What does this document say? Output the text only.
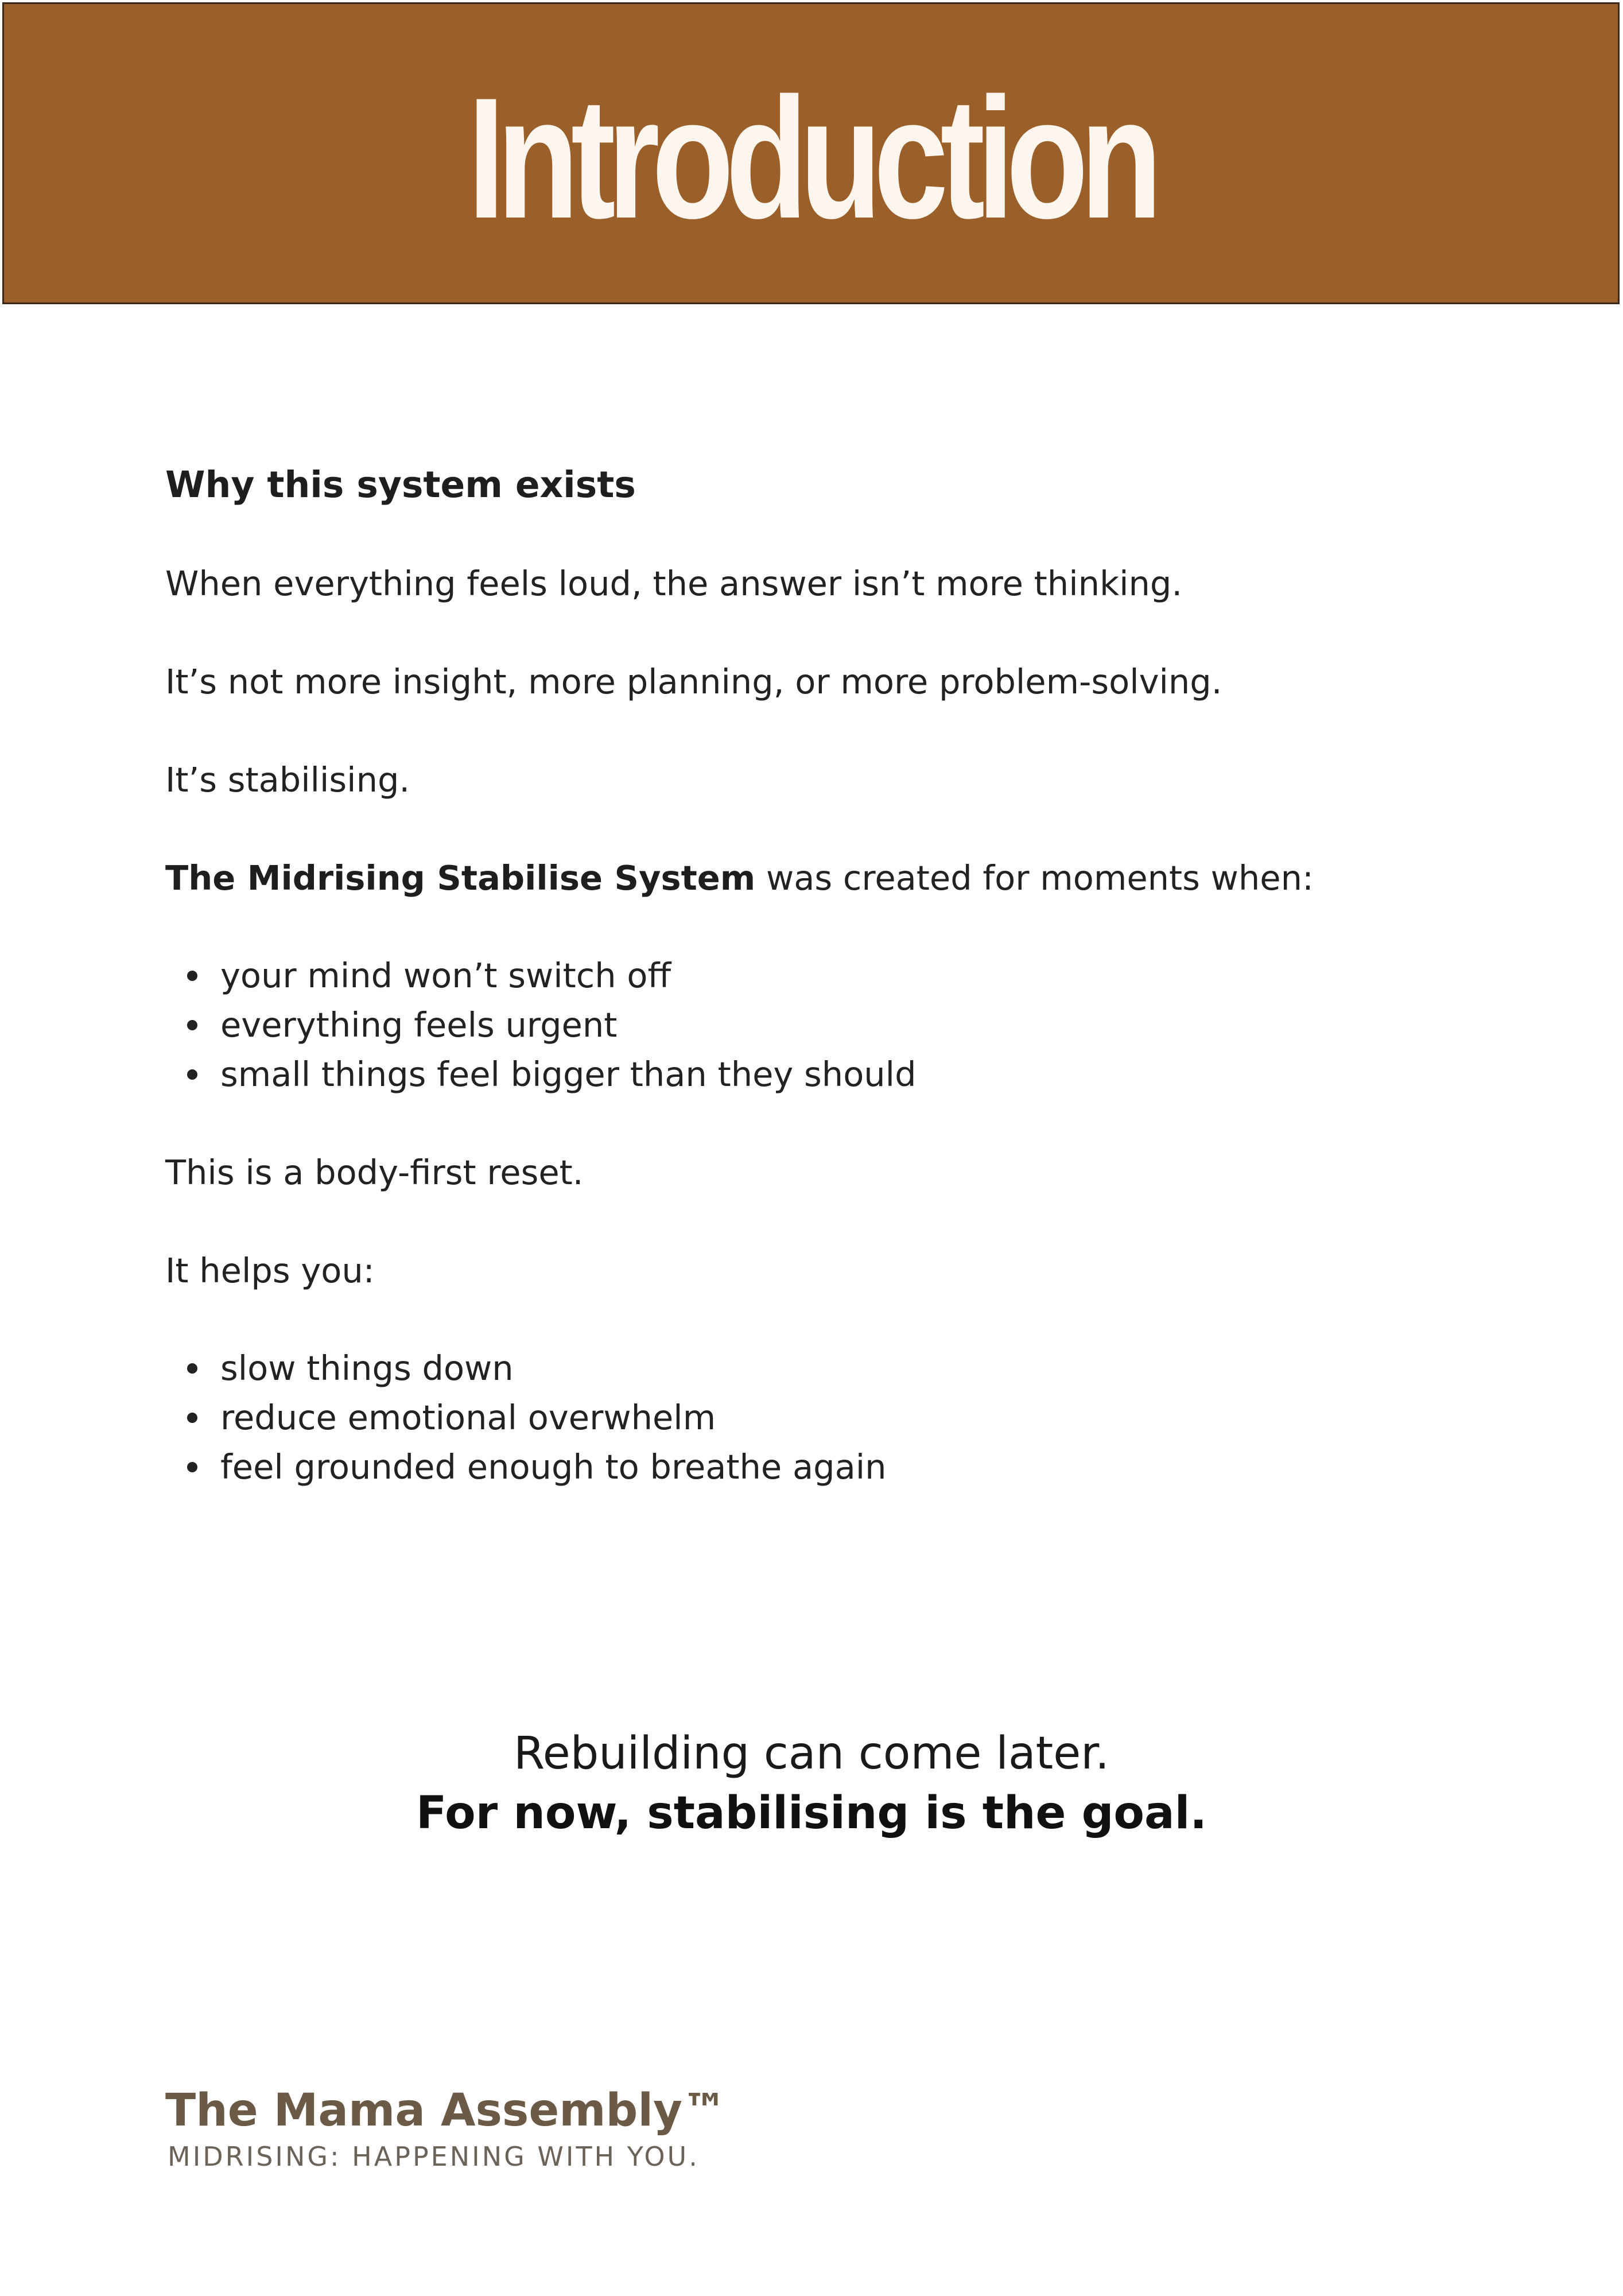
Introduction
Why this system exists

When everything feels loud, the answer isn’t more thinking.

It’s not more insight, more planning, or more problem-solving.

It’s stabilising.

The Midrising Stabilise System was created for moments when:

your mind won’t switch off
everything feels urgent
small things feel bigger than they should

This is a body-first reset.

It helps you:

slow things down
reduce emotional overwhelm
feel grounded enough to breathe again
Rebuilding can come later.
For now, stabilising is the goal.
The Mama Assembly™
MIDRISING: HAPPENING WITH YOU.
